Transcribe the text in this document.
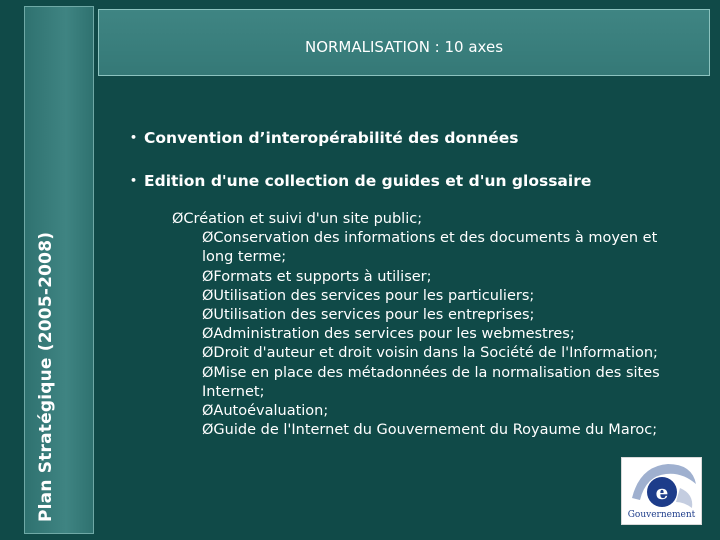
Plan Stratégique (2005-2008)
NORMALISATION : 10 axes
• Convention d’interopérabilité des données
• Edition d'une collection de guides et d'un glossaire
ØCréation et suivi d'un site public;
ØConservation des informations et des documents à moyen et
long terme;
ØFormats et supports à utiliser;
ØUtilisation des services pour les particuliers;
ØUtilisation des services pour les entreprises;
ØAdministration des services pour les webmestres;
ØDroit d'auteur et droit voisin dans la Société de l'Information;
ØMise en place des métadonnées de la normalisation des sites
Internet;
ØAutoévaluation;
ØGuide de l'Internet du Gouvernement du Royaume du Maroc;
e
Gouvernement
